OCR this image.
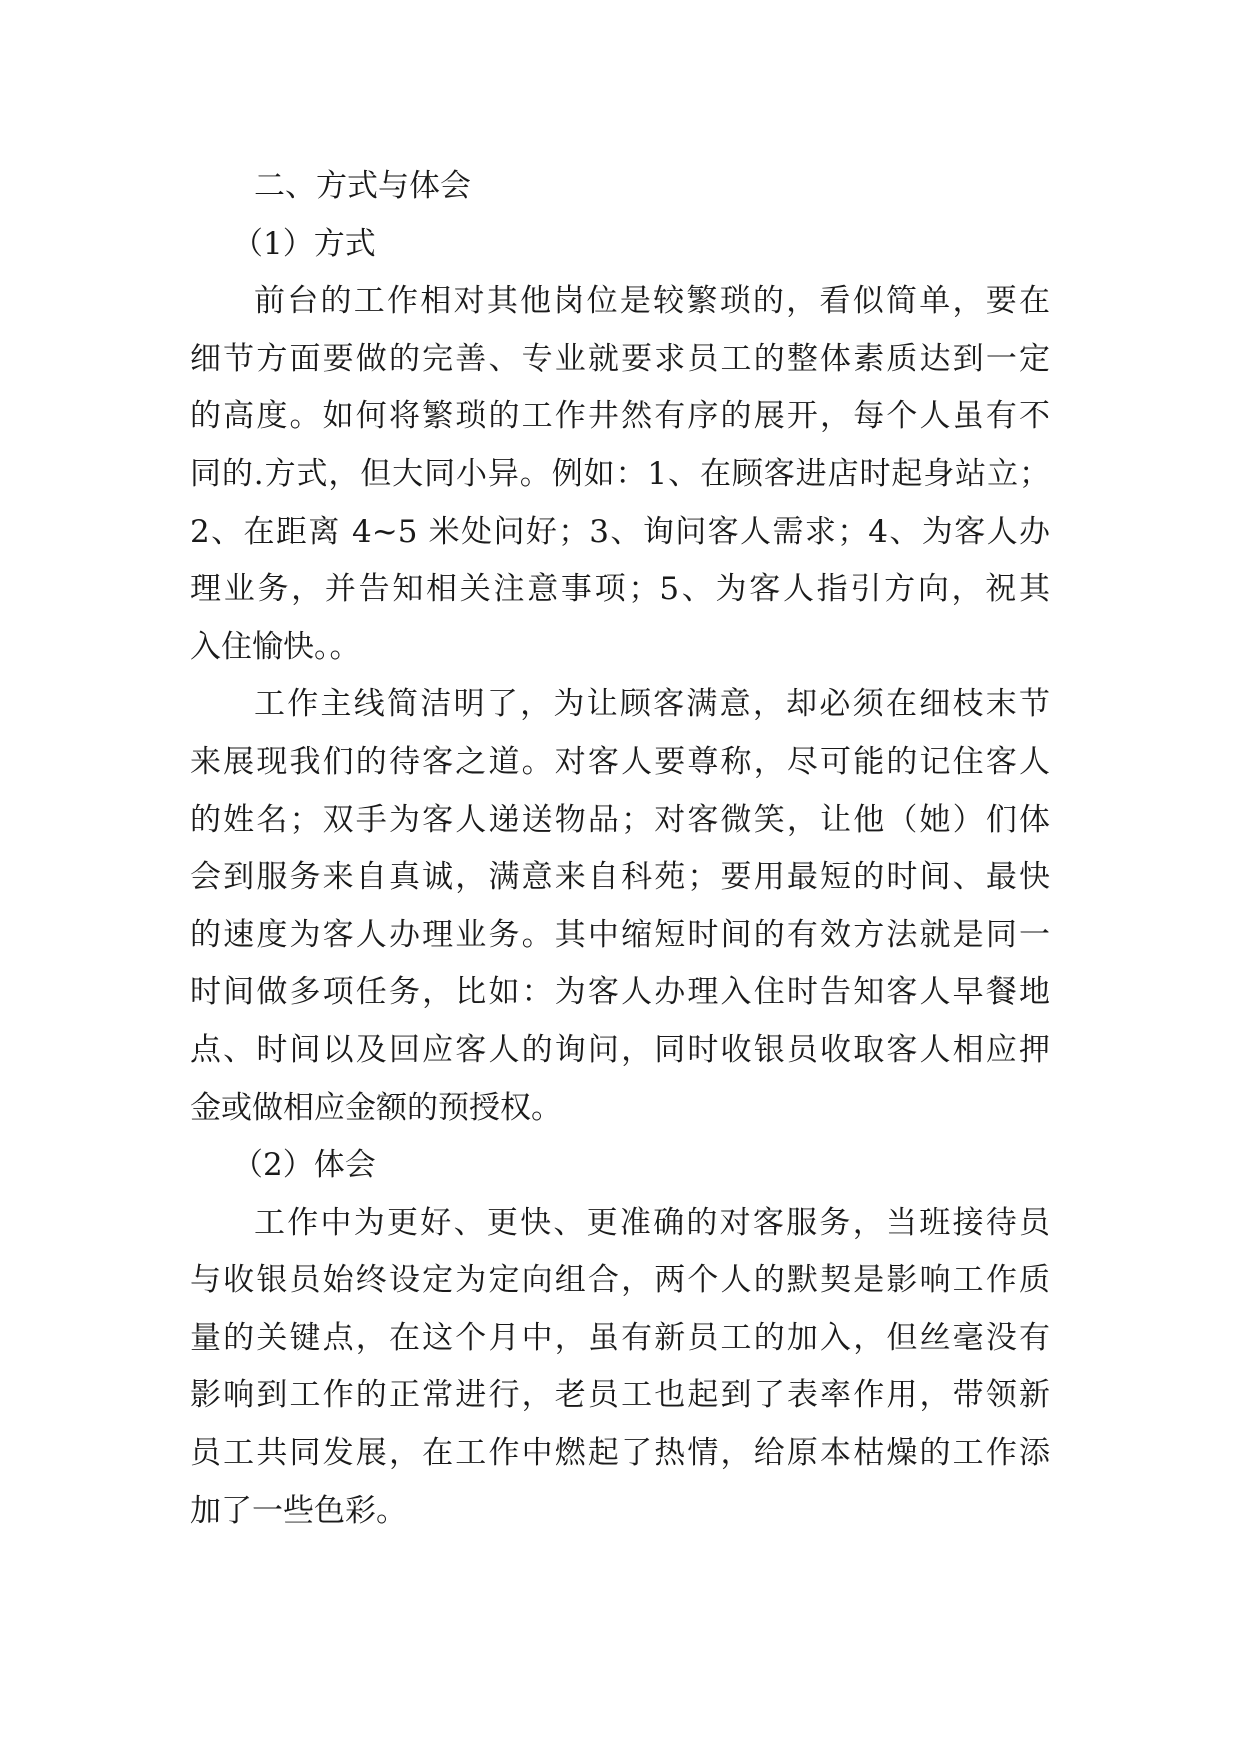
二、方式与体会
（1）方式
前台的工作相对其他岗位是较繁琐的，看似简单，要在
细节方面要做的完善、专业就要求员工的整体素质达到一定
的高度。如何将繁琐的工作井然有序的展开，每个人虽有不
同的.方式，但大同小异。例如：1、在顾客进店时起身站立；
2、在距离 4~5 米处问好；3、询问客人需求；4、为客人办
理业务，并告知相关注意事项；5、为客人指引方向，祝其
入住愉快。。
工作主线简洁明了，为让顾客满意，却必须在细枝末节
来展现我们的待客之道。对客人要尊称，尽可能的记住客人
的姓名；双手为客人递送物品；对客微笑，让他（她）们体
会到服务来自真诚，满意来自科苑；要用最短的时间、最快
的速度为客人办理业务。其中缩短时间的有效方法就是同一
时间做多项任务，比如：为客人办理入住时告知客人早餐地
点、时间以及回应客人的询问，同时收银员收取客人相应押
金或做相应金额的预授权。
（2）体会
工作中为更好、更快、更准确的对客服务，当班接待员
与收银员始终设定为定向组合，两个人的默契是影响工作质
量的关键点，在这个月中，虽有新员工的加入，但丝毫没有
影响到工作的正常进行，老员工也起到了表率作用，带领新
员工共同发展，在工作中燃起了热情，给原本枯燥的工作添
加了一些色彩。
